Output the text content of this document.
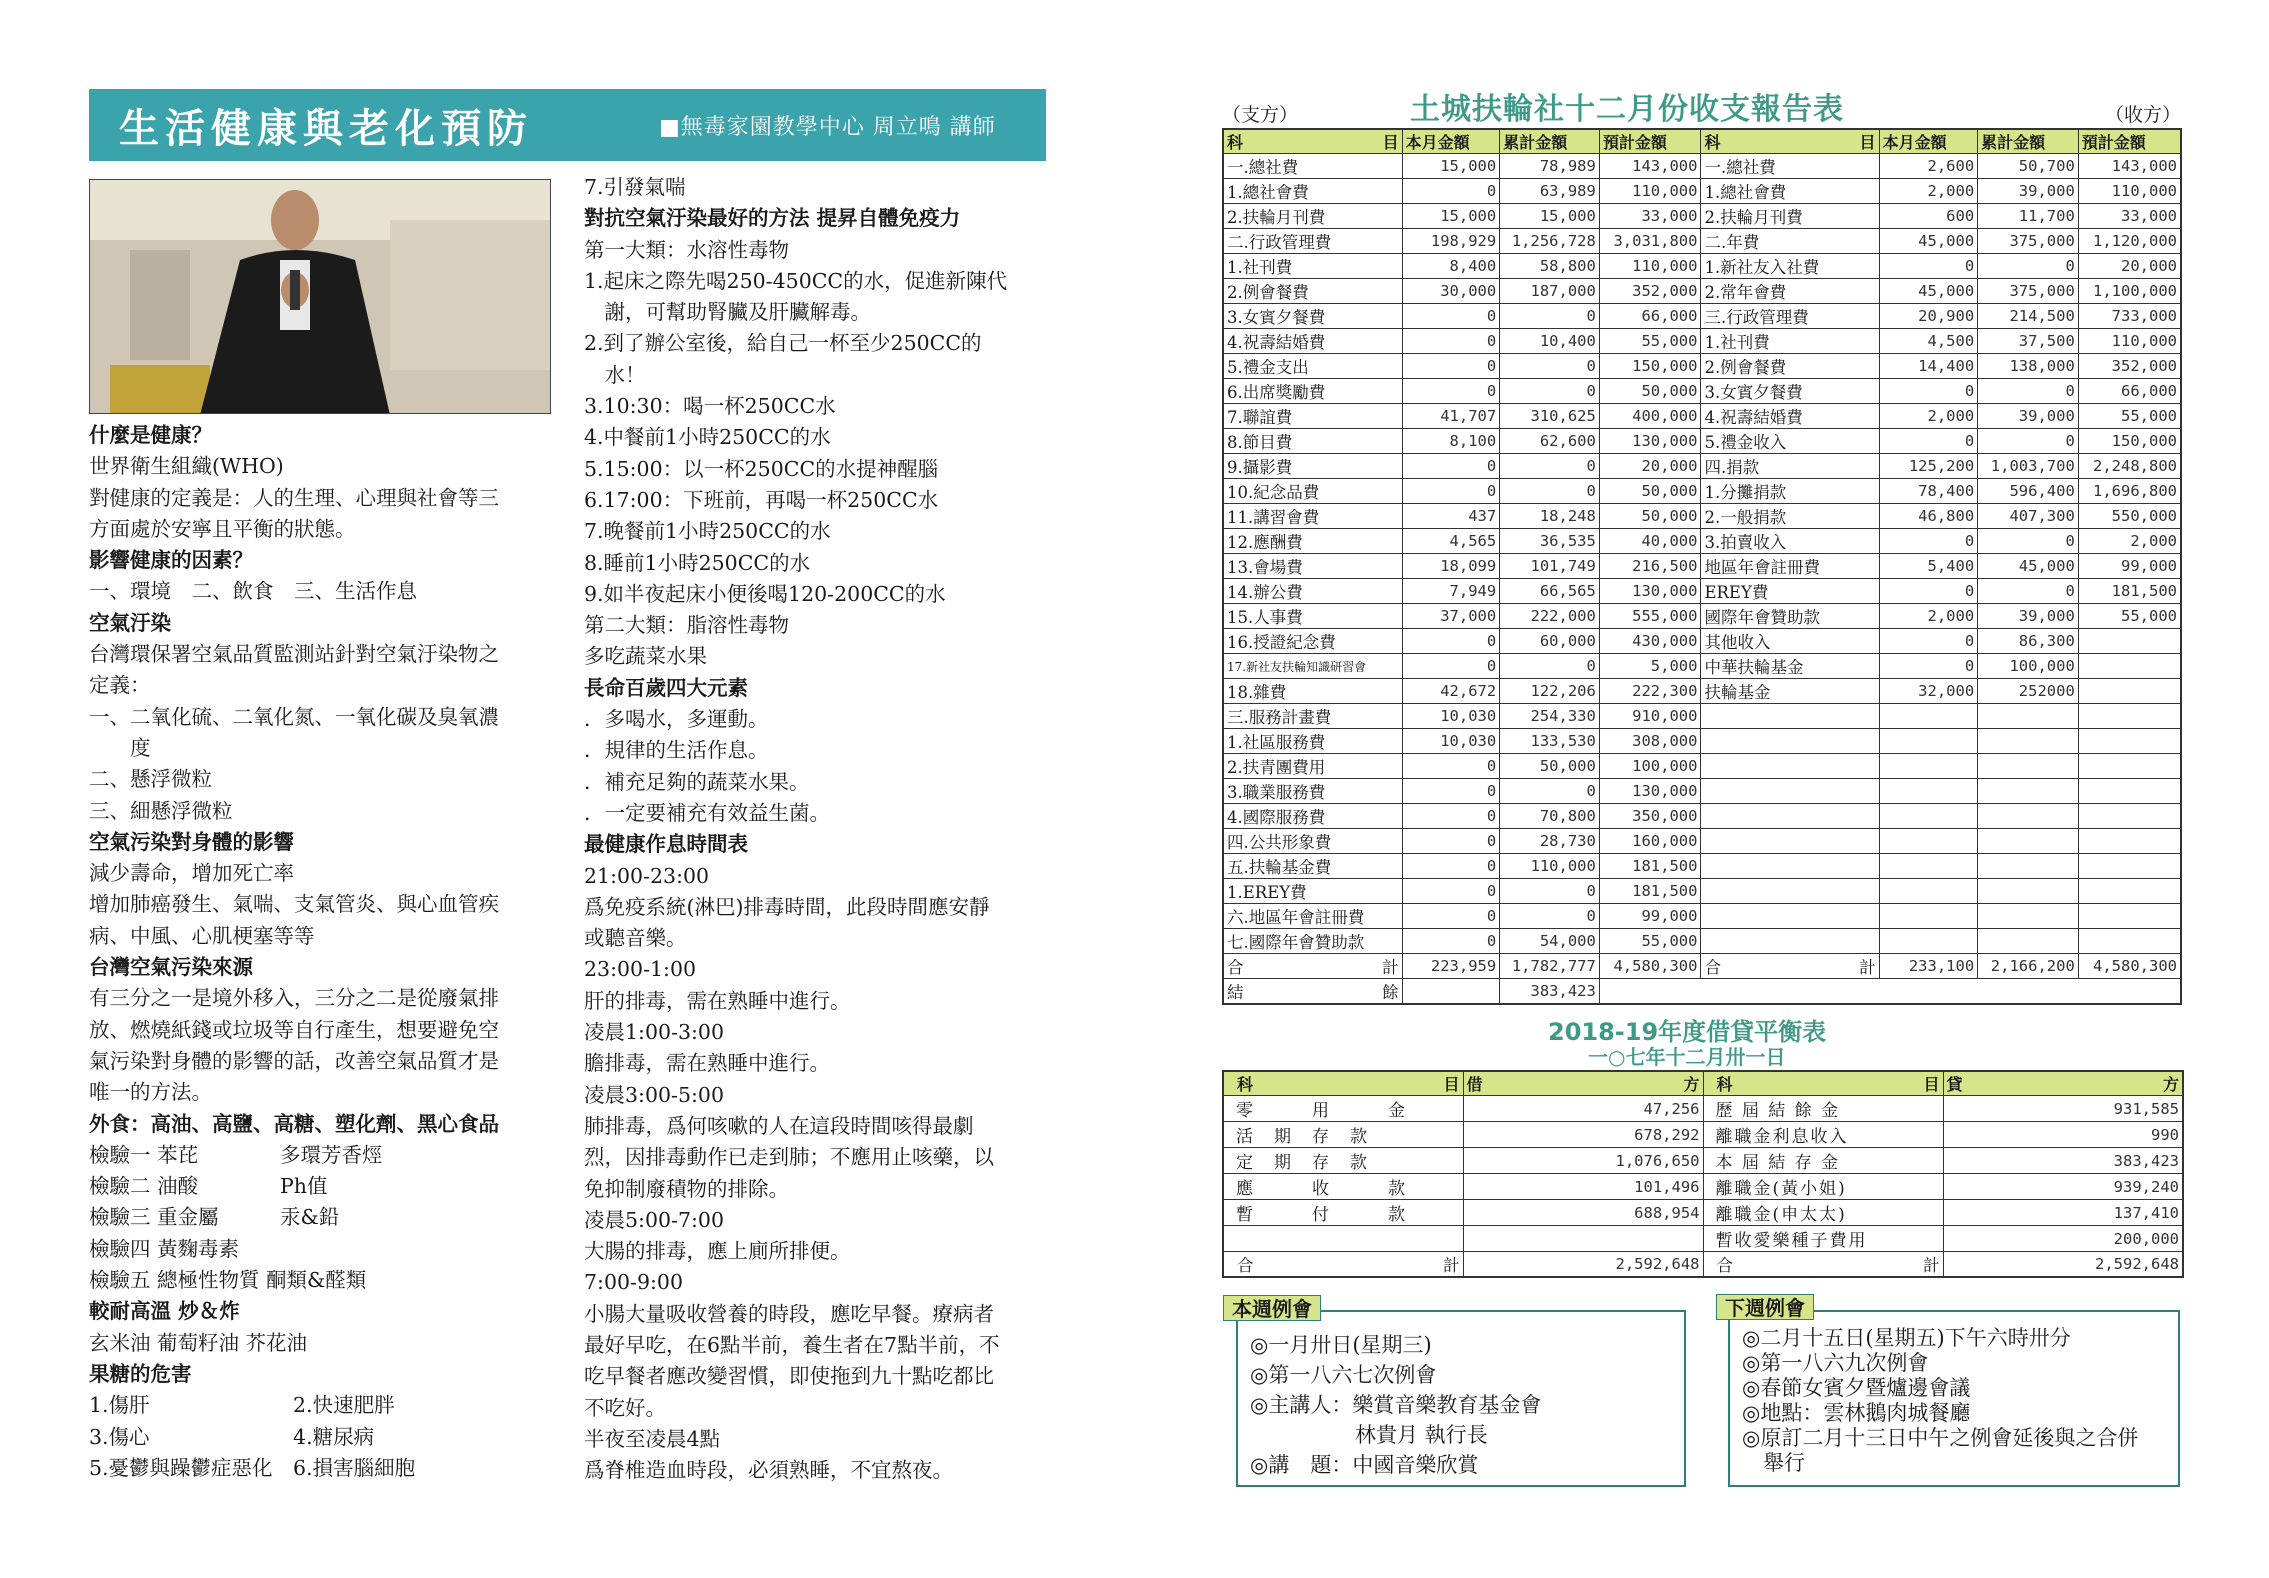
生活健康與老化預防	■無毒家園教學中心 周立鳴 講師
什麼是健康？
世界衛生組織(WHO)
對健康的定義是：人的生理、心理與社會等三
方面處於安寧且平衡的狀態。
影響健康的因素？
一、環境　二、飲食　三、生活作息
空氣汙染
台灣環保署空氣品質監測站針對空氣汙染物之
定義：
一、二氧化硫、二氧化氮、一氧化碳及臭氧濃
　　度
二、懸浮微粒
三、細懸浮微粒
空氣污染對身體的影響
減少壽命，增加死亡率
增加肺癌發生、氣喘、支氣管炎、與心血管疾
病、中風、心肌梗塞等等
台灣空氣污染來源
有三分之一是境外移入，三分之二是從廢氣排
放、燃燒紙錢或垃圾等自行產生，想要避免空
氣污染對身體的影響的話，改善空氣品質才是
唯一的方法。
外食：高油、高鹽、高糖、塑化劑、黑心食品
檢驗一 苯芘　　　　多環芳香烴
檢驗二 油酸　　　　Ph值
檢驗三 重金屬　　　汞&鉛
檢驗四 黃麴毒素
檢驗五 總極性物質 酮類&醛類
較耐高溫 炒＆炸
玄米油 葡萄籽油 芥花油
果糖的危害
1.傷肝　　　　　　　2.快速肥胖
3.傷心　　　　　　　4.糖尿病
5.憂鬱與躁鬱症惡化　6.損害腦細胞
7.引發氣喘
對抗空氣汙染最好的方法 提昇自體免疫力
第一大類：水溶性毒物
1.起床之際先喝250-450CC的水，促進新陳代
　謝，可幫助腎臟及肝臟解毒。
2.到了辦公室後，給自己一杯至少250CC的
　水！
3.10:30：喝一杯250CC水
4.中餐前1小時250CC的水
5.15:00：以一杯250CC的水提神醒腦
6.17:00：下班前，再喝一杯250CC水
7.晚餐前1小時250CC的水
8.睡前1小時250CC的水
9.如半夜起床小便後喝120-200CC的水
第二大類：脂溶性毒物
多吃蔬菜水果
長命百歲四大元素
．多喝水，多運動。
．規律的生活作息。
．補充足夠的蔬菜水果。
．一定要補充有效益生菌。
最健康作息時間表
21:00-23:00
爲免疫系統(淋巴)排毒時間，此段時間應安靜
或聽音樂。
23:00-1:00
肝的排毒，需在熟睡中進行。
凌晨1:00-3:00
膽排毒，需在熟睡中進行。
凌晨3:00-5:00
肺排毒，爲何咳嗽的人在這段時間咳得最劇
烈，因排毒動作已走到肺；不應用止咳藥，以
免抑制廢積物的排除。
凌晨5:00-7:00
大腸的排毒，應上廁所排便。
7:00-9:00
小腸大量吸收營養的時段，應吃早餐。療病者
最好早吃，在6點半前，養生者在7點半前，不
吃早餐者應改變習慣，即使拖到九十點吃都比
不吃好。
半夜至凌晨4點
爲脊椎造血時段，必須熟睡，不宜熬夜。
（支方）	土城扶輪社十二月份收支報告表	（收方）
科 目	本月金額	累計金額	預計金額	科 目	本月金額	累計金額	預計金額
一.總社費	15,000	78,989	143,000	一.總社費	2,600	50,700	143,000
1.總社會費	0	63,989	110,000	1.總社會費	2,000	39,000	110,000
2.扶輪月刊費	15,000	15,000	33,000	2.扶輪月刊費	600	11,700	33,000
二.行政管理費	198,929	1,256,728	3,031,800	二.年費	45,000	375,000	1,120,000
1.社刊費	8,400	58,800	110,000	1.新社友入社費	0	0	20,000
2.例會餐費	30,000	187,000	352,000	2.常年會費	45,000	375,000	1,100,000
3.女賓夕餐費	0	0	66,000	三.行政管理費	20,900	214,500	733,000
4.祝壽結婚費	0	10,400	55,000	1.社刊費	4,500	37,500	110,000
5.禮金支出	0	0	150,000	2.例會餐費	14,400	138,000	352,000
6.出席獎勵費	0	0	50,000	3.女賓夕餐費	0	0	66,000
7.聯誼費	41,707	310,625	400,000	4.祝壽結婚費	2,000	39,000	55,000
8.節目費	8,100	62,600	130,000	5.禮金收入	0	0	150,000
9.攝影費	0	0	20,000	四.捐款	125,200	1,003,700	2,248,800
10.紀念品費	0	0	50,000	1.分攤捐款	78,400	596,400	1,696,800
11.講習會費	437	18,248	50,000	2.一般捐款	46,800	407,300	550,000
12.應酬費	4,565	36,535	40,000	3.拍賣收入	0	0	2,000
13.會場費	18,099	101,749	216,500	地區年會註冊費	5,400	45,000	99,000
14.辦公費	7,949	66,565	130,000	EREY費	0	0	181,500
15.人事費	37,000	222,000	555,000	國際年會贊助款	2,000	39,000	55,000
16.授證紀念費	0	60,000	430,000	其他收入	0	86,300	
17.新社友扶輪知識研習會	0	0	5,000	中華扶輪基金	0	100,000	
18.雜費	42,672	122,206	222,300	扶輪基金	32,000	252000	
三.服務計畫費	10,030	254,330	910,000				
1.社區服務費	10,030	133,530	308,000				
2.扶青團費用	0	50,000	100,000				
3.職業服務費	0	0	130,000				
4.國際服務費	0	70,800	350,000				
四.公共形象費	0	28,730	160,000				
五.扶輪基金費	0	110,000	181,500				
1.EREY費	0	0	181,500				
六.地區年會註冊費	0	0	99,000				
七.國際年會贊助款	0	54,000	55,000				

合 計	223,959	1,782,777	4,580,300	合 計	233,100	2,166,200	4,580,300

結 餘		383,423					
2018-19年度借貸平衡表
一○七年十二月卅一日
科 目	借 方	科 目	貸 方

零　　　用　　　金	47,256	歷 屆 結 餘 金	931,585
活　期　存　款	678,292	離職金利息收入	990
定　期　存　款	1,076,650	本 屆 結 存 金	383,423
應　　　收　　　款	101,496	離職金(黃小姐)	939,240
暫　　　付　　　款	688,954	離職金(申太太)	137,410
		暫收愛樂種子費用	200,000

合 計	2,592,648	合 計	2,592,648
◎一月卅日(星期三)
◎第一八六七次例會
◎主講人：樂賞音樂教育基金會
　　　　　林貴月 執行長
◎講　題：中國音樂欣賞
本週例會
◎二月十五日(星期五)下午六時卅分
◎第一八六九次例會
◎春節女賓夕暨爐邊會議
◎地點：雲林鵝肉城餐廳
◎原訂二月十三日中午之例會延後與之合併
　舉行
下週例會
